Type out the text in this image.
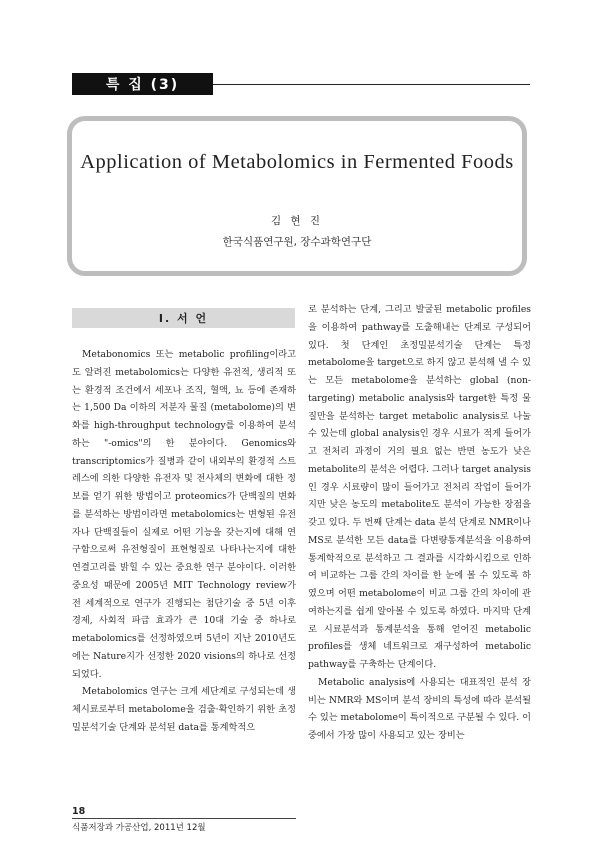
특 집 (3)
Application of Metabolomics in Fermented Foods
김 현 진
한국식품연구원, 장수과학연구단
Ⅰ. 서 언

Metabonomics 또는 metabolic profiling이라고도 알려진 metabolomics는 다양한 유전적, 생리적 또는 환경적 조건에서 세포나 조직, 혈액, 뇨 등에 존재하는 1,500 Da 이하의 저분자 물질 (metabolome)의 변화를 high-throughput technology를 이용하여 분석하는 "-omics"의 한 분야이다. Genomics와 transcriptomics가 질병과 같이 내외부의 환경적 스트레스에 의한 다양한 유전자 및 전사체의 변화에 대한 정보를 얻기 위한 방법이고 proteomics가 단백질의 변화를 분석하는 방법이라면 metabolomics는 변형된 유전자나 단백질들이 실제로 어떤 기능을 갖는지에 대해 연구함으로써 유전형질이 표현형질로 나타나는지에 대한 연결고리를 밝힐 수 있는 중요한 연구 분야이다. 이러한 중요성 때문에 2005년 MIT Technology review가 전 세계적으로 연구가 진행되는 첨단기술 중 5년 이후 경제, 사회적 파급 효과가 큰 10대 기술 중 하나로 metabolomics를 선정하였으며 5년이 지난 2010년도에는 Nature지가 선정한 2020 visions의 하나로 선정되었다.

Metabolomics 연구는 크게 세단계로 구성되는데 생체시료로부터 metabolome을 검출·확인하기 위한 초정밀분석기술 단계와 분석된 data를 통계학적으

로 분석하는 단계, 그리고 발굴된 metabolic profiles을 이용하여 pathway를 도출해내는 단계로 구성되어 있다. 첫 단계인 초정밀분석기술 단계는 특정 metabolome을 target으로 하지 않고 분석해 낼 수 있는 모든 metabolome을 분석하는 global (non-targeting) metabolic analysis와 target한 특정 물질만을 분석하는 target metabolic analysis로 나눌 수 있는데 global analysis인 경우 시료가 적게 들어가고 전처리 과정이 거의 필요 없는 반면 농도가 낮은 metabolite의 분석은 어렵다. 그러나 target analysis인 경우 시료량이 많이 들어가고 전처리 작업이 들어가지만 낮은 농도의 metabolite도 분석이 가능한 장점을 갖고 있다. 두 번째 단계는 data 분석 단계로 NMR이나 MS로 분석한 모든 data를 다변량통계분석을 이용하여 통계학적으로 분석하고 그 결과를 시각화시킴으로 인하여 비교하는 그룹 간의 차이를 한 눈에 볼 수 있도록 하였으며 어떤 metabolome이 비교 그룹 간의 차이에 관여하는지를 쉽게 알아볼 수 있도록 하였다. 마지막 단계로 시료분석과 통계분석을 통해 얻어진 metabolic profiles를 생체 네트워크로 재구성하여 metabolic pathway를 구축하는 단계이다.

Metabolic analysis에 사용되는 대표적인 분석 장비는 NMR와 MS이며 분석 장비의 특성에 따라 분석될 수 있는 metabolome이 특이적으로 구분될 수 있다. 이 중에서 가장 많이 사용되고 있는 장비는

18
식품저장과 가공산업, 2011년 12월
